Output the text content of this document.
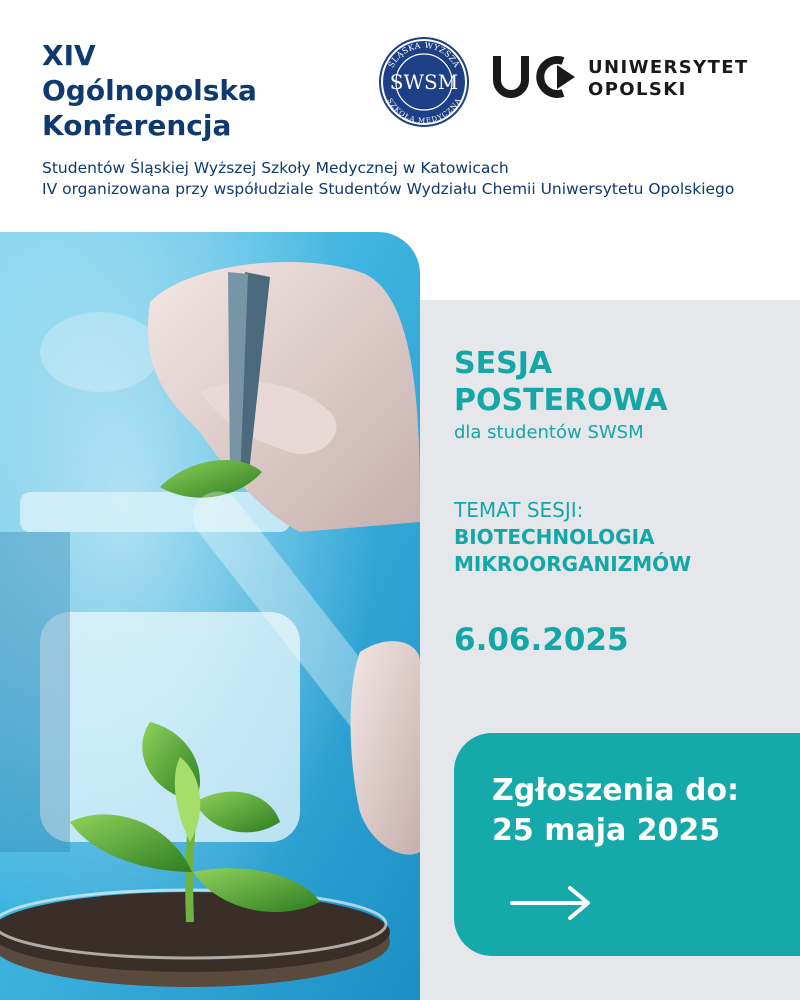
XIV
Ogólnopolska
Konferencja
ŚLĄSKA WYŻSZA
SZKOŁA MEDYCZNA
SWSM
UNIWERSYTET
OPOLSKI
Studentów Śląskiej Wyższej Szkoły Medycznej w Katowicach
IV organizowana przy współudziale Studentów Wydziału Chemii Uniwersytetu Opolskiego
SESJA
POSTEROWA
dla studentów SWSM
TEMAT SESJI:
BIOTECHNOLOGIA
MIKROORGANIZMÓW
6.06.2025
Zgłoszenia do:
25 maja 2025
